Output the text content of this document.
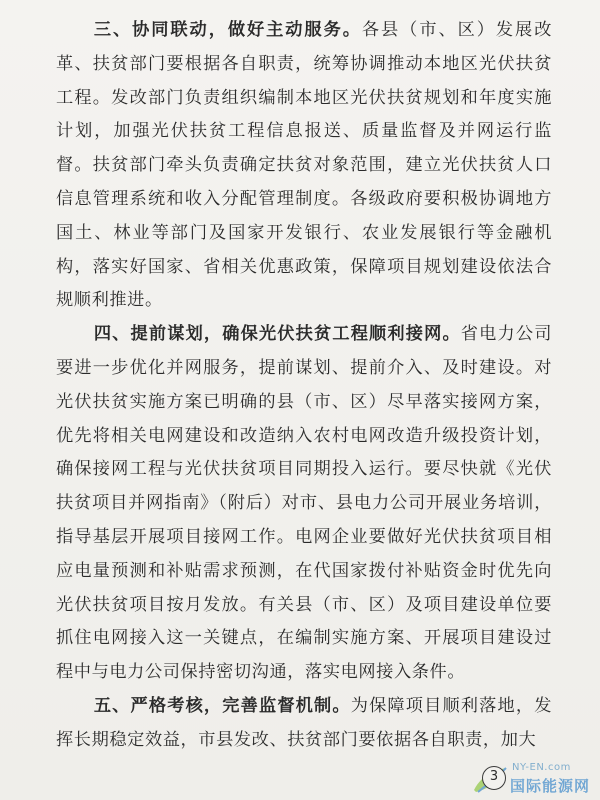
三、协同联动，做好主动服务。各县（市、区）发展改革、扶贫部门要根据各自职责，统筹协调推动本地区光伏扶贫工程。发改部门负责组织编制本地区光伏扶贫规划和年度实施计划，加强光伏扶贫工程信息报送、质量监督及并网运行监督。扶贫部门牵头负责确定扶贫对象范围，建立光伏扶贫人口信息管理系统和收入分配管理制度。各级政府要积极协调地方国土、林业等部门及国家开发银行、农业发展银行等金融机构，落实好国家、省相关优惠政策，保障项目规划建设依法合规顺利推进。

四、提前谋划，确保光伏扶贫工程顺利接网。省电力公司要进一步优化并网服务，提前谋划、提前介入、及时建设。对光伏扶贫实施方案已明确的县（市、区）尽早落实接网方案，优先将相关电网建设和改造纳入农村电网改造升级投资计划，确保接网工程与光伏扶贫项目同期投入运行。要尽快就《光伏扶贫项目并网指南》（附后）对市、县电力公司开展业务培训，指导基层开展项目接网工作。电网企业要做好光伏扶贫项目相应电量预测和补贴需求预测，在代国家拨付补贴资金时优先向光伏扶贫项目按月发放。有关县（市、区）及项目建设单位要抓住电网接入这一关键点，在编制实施方案、开展项目建设过程中与电力公司保持密切沟通，落实电网接入条件。

五、严格考核，完善监督机制。为保障项目顺利落地，发挥长期稳定效益，市县发改、扶贫部门要依据各自职责，加大

NY-EN.com
国际能源网
3
